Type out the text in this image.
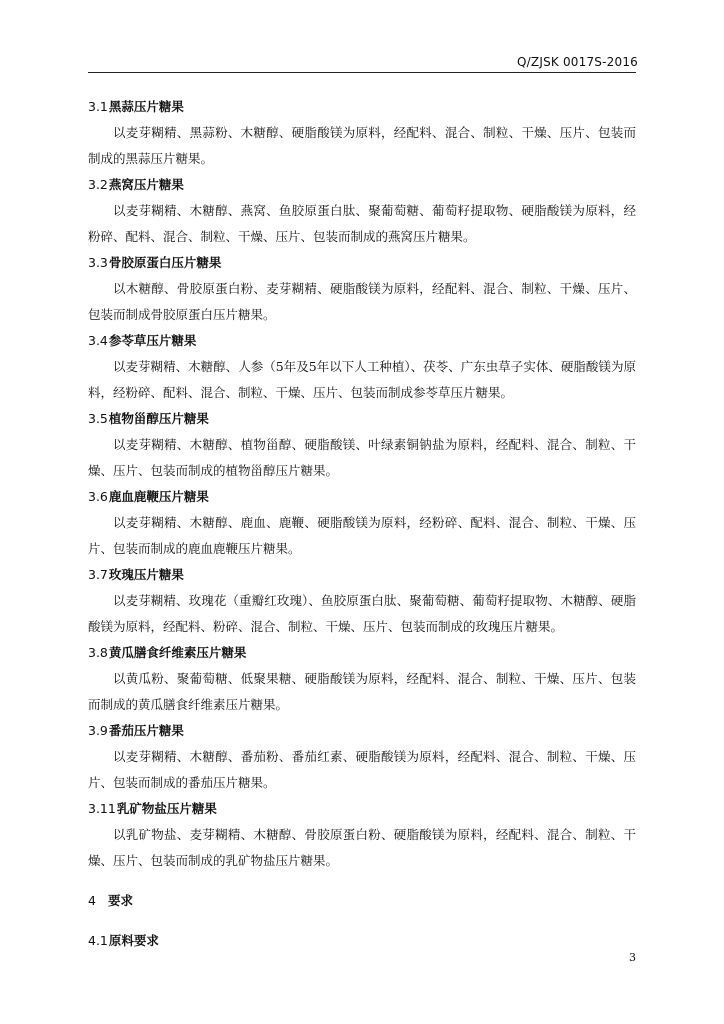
Q/ZJSK 0017S-2016
3.1黑蒜压片糖果

以麦芽糊精、黑蒜粉、木糖醇、硬脂酸镁为原料，经配料、混合、制粒、干燥、压片、包装而制成的黑蒜压片糖果。

3.2燕窝压片糖果

以麦芽糊精、木糖醇、燕窝、鱼胶原蛋白肽、聚葡萄糖、葡萄籽提取物、硬脂酸镁为原料，经粉碎、配料、混合、制粒、干燥、压片、包装而制成的燕窝压片糖果。

3.3骨胶原蛋白压片糖果

以木糖醇、骨胶原蛋白粉、麦芽糊精、硬脂酸镁为原料，经配料、混合、制粒、干燥、压片、包装而制成骨胶原蛋白压片糖果。

3.4参苓草压片糖果

以麦芽糊精、木糖醇、人参（5年及5年以下人工种植）、茯苓、广东虫草子实体、硬脂酸镁为原料，经粉碎、配料、混合、制粒、干燥、压片、包装而制成参苓草压片糖果。

3.5植物甾醇压片糖果

以麦芽糊精、木糖醇、植物甾醇、硬脂酸镁、叶绿素铜钠盐为原料，经配料、混合、制粒、干燥、压片、包装而制成的植物甾醇压片糖果。

3.6鹿血鹿鞭压片糖果

以麦芽糊精、木糖醇、鹿血、鹿鞭、硬脂酸镁为原料，经粉碎、配料、混合、制粒、干燥、压片、包装而制成的鹿血鹿鞭压片糖果。

3.7玫瑰压片糖果

以麦芽糊精、玫瑰花（重瓣红玫瑰）、鱼胶原蛋白肽、聚葡萄糖、葡萄籽提取物、木糖醇、硬脂酸镁为原料，经配料、粉碎、混合、制粒、干燥、压片、包装而制成的玫瑰压片糖果。

3.8黄瓜膳食纤维素压片糖果

以黄瓜粉、聚葡萄糖、低聚果糖、硬脂酸镁为原料，经配料、混合、制粒、干燥、压片、包装而制成的黄瓜膳食纤维素压片糖果。

3.9番茄压片糖果

以麦芽糊精、木糖醇、番茄粉、番茄红素、硬脂酸镁为原料，经配料、混合、制粒、干燥、压片、包装而制成的番茄压片糖果。

3.11乳矿物盐压片糖果

以乳矿物盐、麦芽糊精、木糖醇、骨胶原蛋白粉、硬脂酸镁为原料，经配料、混合、制粒、干燥、压片、包装而制成的乳矿物盐压片糖果。

4 要求
4.1原料要求
3
